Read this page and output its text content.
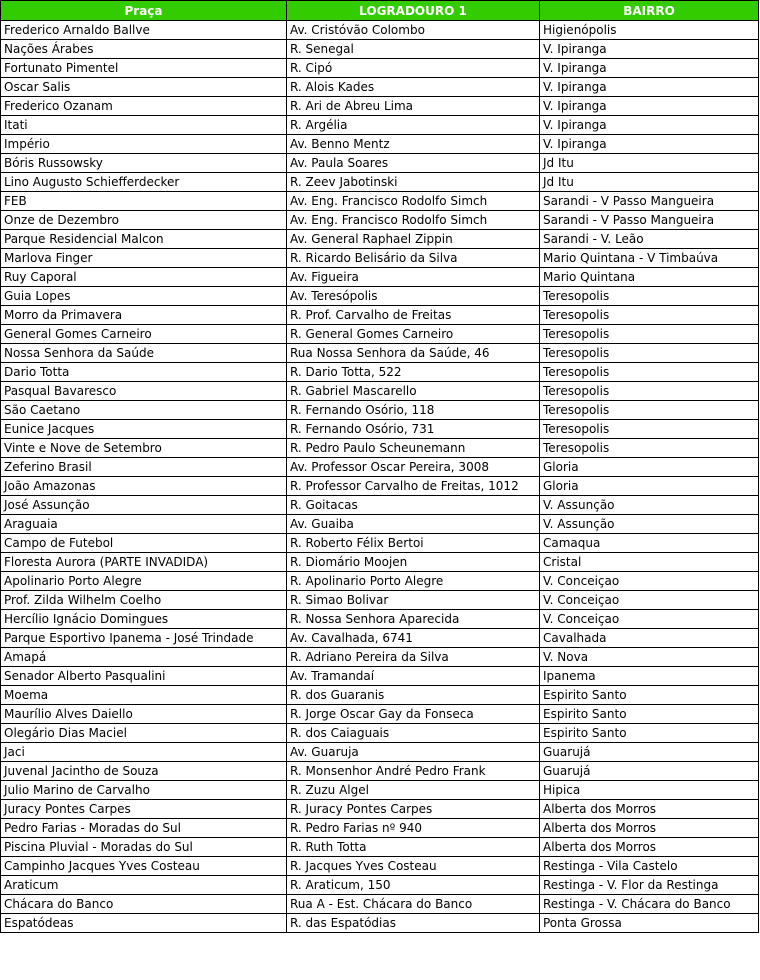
Praça	LOGRADOURO 1	BAIRRO
Frederico Arnaldo Ballve	Av. Cristóvão Colombo	Higienópolis
Nações Árabes	R. Senegal	V. Ipiranga
Fortunato Pimentel	R. Cipó	V. Ipiranga
Oscar Salis	R. Alois Kades	V. Ipiranga
Frederico Ozanam	R. Ari de Abreu Lima	V. Ipiranga
Itati	R. Argélia	V. Ipiranga
Império	Av. Benno Mentz	V. Ipiranga
Bóris Russowsky	Av. Paula Soares	Jd Itu
Lino Augusto Schiefferdecker	R. Zeev Jabotinski	Jd Itu
FEB	Av. Eng. Francisco Rodolfo Simch	Sarandi - V Passo Mangueira
Onze de Dezembro	Av. Eng. Francisco Rodolfo Simch	Sarandi - V Passo Mangueira
Parque Residencial Malcon	Av. General Raphael Zippin	Sarandi - V. Leão
Marlova Finger	R. Ricardo Belisário da Silva	Mario Quintana - V Timbaúva
Ruy Caporal	Av. Figueira	Mario Quintana
Guia Lopes	Av. Teresópolis	Teresopolis
Morro da Primavera	R. Prof. Carvalho de Freitas	Teresopolis
General Gomes Carneiro	R. General Gomes Carneiro	Teresopolis
Nossa Senhora da Saúde	Rua Nossa Senhora da Saúde, 46	Teresopolis
Dario Totta	R. Dario Totta, 522	Teresopolis
Pasqual Bavaresco	R. Gabriel Mascarello	Teresopolis
São Caetano	R. Fernando Osório, 118	Teresopolis
Eunice Jacques	R. Fernando Osório, 731	Teresopolis
Vinte e Nove de Setembro	R. Pedro Paulo Scheunemann	Teresopolis
Zeferino Brasil	Av. Professor Oscar Pereira, 3008	Gloria
João Amazonas	R. Professor Carvalho de Freitas, 1012	Gloria
José Assunção	R. Goitacas	V. Assunção
Araguaia	Av. Guaiba	V. Assunção
Campo de Futebol	R. Roberto Félix Bertoi	Camaqua
Floresta Aurora (PARTE INVADIDA)	R. Diomário Moojen	Cristal
Apolinario Porto Alegre	R. Apolinario Porto Alegre	V. Conceiçao
Prof. Zilda Wilhelm Coelho	R. Simao Bolivar	V. Conceiçao
Hercílio Ignácio Domingues	R. Nossa Senhora Aparecida	V. Conceiçao
Parque Esportivo Ipanema - José Trindade	Av. Cavalhada, 6741	Cavalhada
Amapá	R. Adriano Pereira da Silva	V. Nova
Senador Alberto Pasqualini	Av. Tramandaí	Ipanema
Moema	R. dos Guaranis	Espirito Santo
Maurílio Alves Daiello	R. Jorge Oscar Gay da Fonseca	Espirito Santo
Olegário Dias Maciel	R. dos Caiaguais	Espirito Santo
Jaci	Av. Guaruja	Guarujá
Juvenal Jacintho de Souza	R. Monsenhor André Pedro Frank	Guarujá
Julio Marino de Carvalho	R. Zuzu Algel	Hipica
Juracy Pontes Carpes	R. Juracy Pontes Carpes	Alberta dos Morros
Pedro Farias - Moradas do Sul	R. Pedro Farias nº 940	Alberta dos Morros
Piscina Pluvial - Moradas do Sul	R. Ruth Totta	Alberta dos Morros
Campinho Jacques Yves Costeau	R. Jacques Yves Costeau	Restinga - Vila Castelo
Araticum	R. Araticum, 150	Restinga - V. Flor da Restinga
Chácara do Banco	Rua A - Est. Chácara do Banco	Restinga - V. Chácara do Banco
Espatódeas	R. das Espatódias	Ponta Grossa
